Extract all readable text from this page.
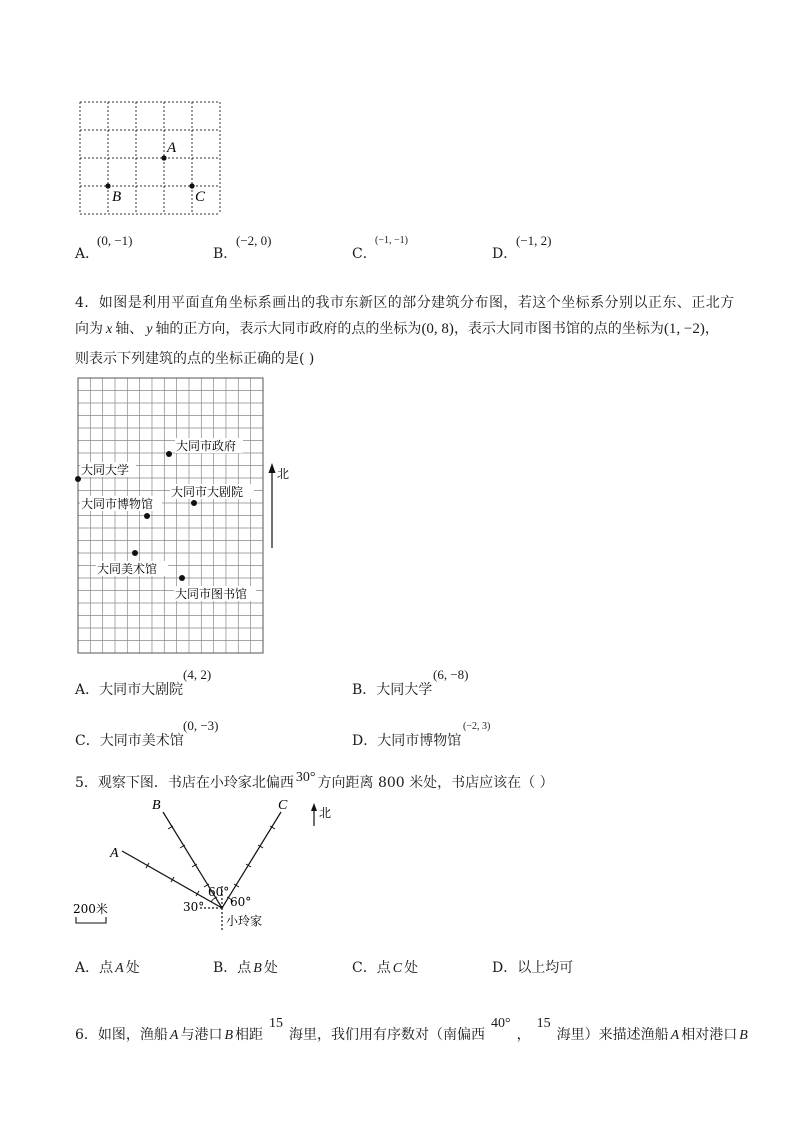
A
B	C
A．
(0, −1)
B．
(−2, 0)
C．
(−1, −1)
D．
(−1, 2)
4．如图是利用平面直角坐标系画出的我市东新区的部分建筑分布图，若这个坐标系分别以正东、正北方
向为 x 轴、 y 轴的正方向，表示大同市政府的点的坐标为(0, 8)，表示大同市图书馆的点的坐标为(1, −2)，
则表示下列建筑的点的坐标正确的是( )
北
大同市政府
大同大学
大同市大剧院
大同市博物馆
大同美术馆
大同市图书馆
A．大同市大剧院
(4, 2)
B．大同大学
(6, −8)
C．大同市美术馆
(0, −3)
D．大同市博物馆
(−2, 3)
5．观察下图．书店在小玲家北偏西 30° 方向距离 800 米处，书店应该在（ ）
A
B	C
60°
60°
30°
小玲家
北
200米
A．点 A 处	B．点 B 处	C．点 C 处	D．以上均可
6．如图，渔船 A 与港口 B 相距15海里，我们用有序数对（南偏西40°，15海里）来描述渔船 A 相对港口 B
